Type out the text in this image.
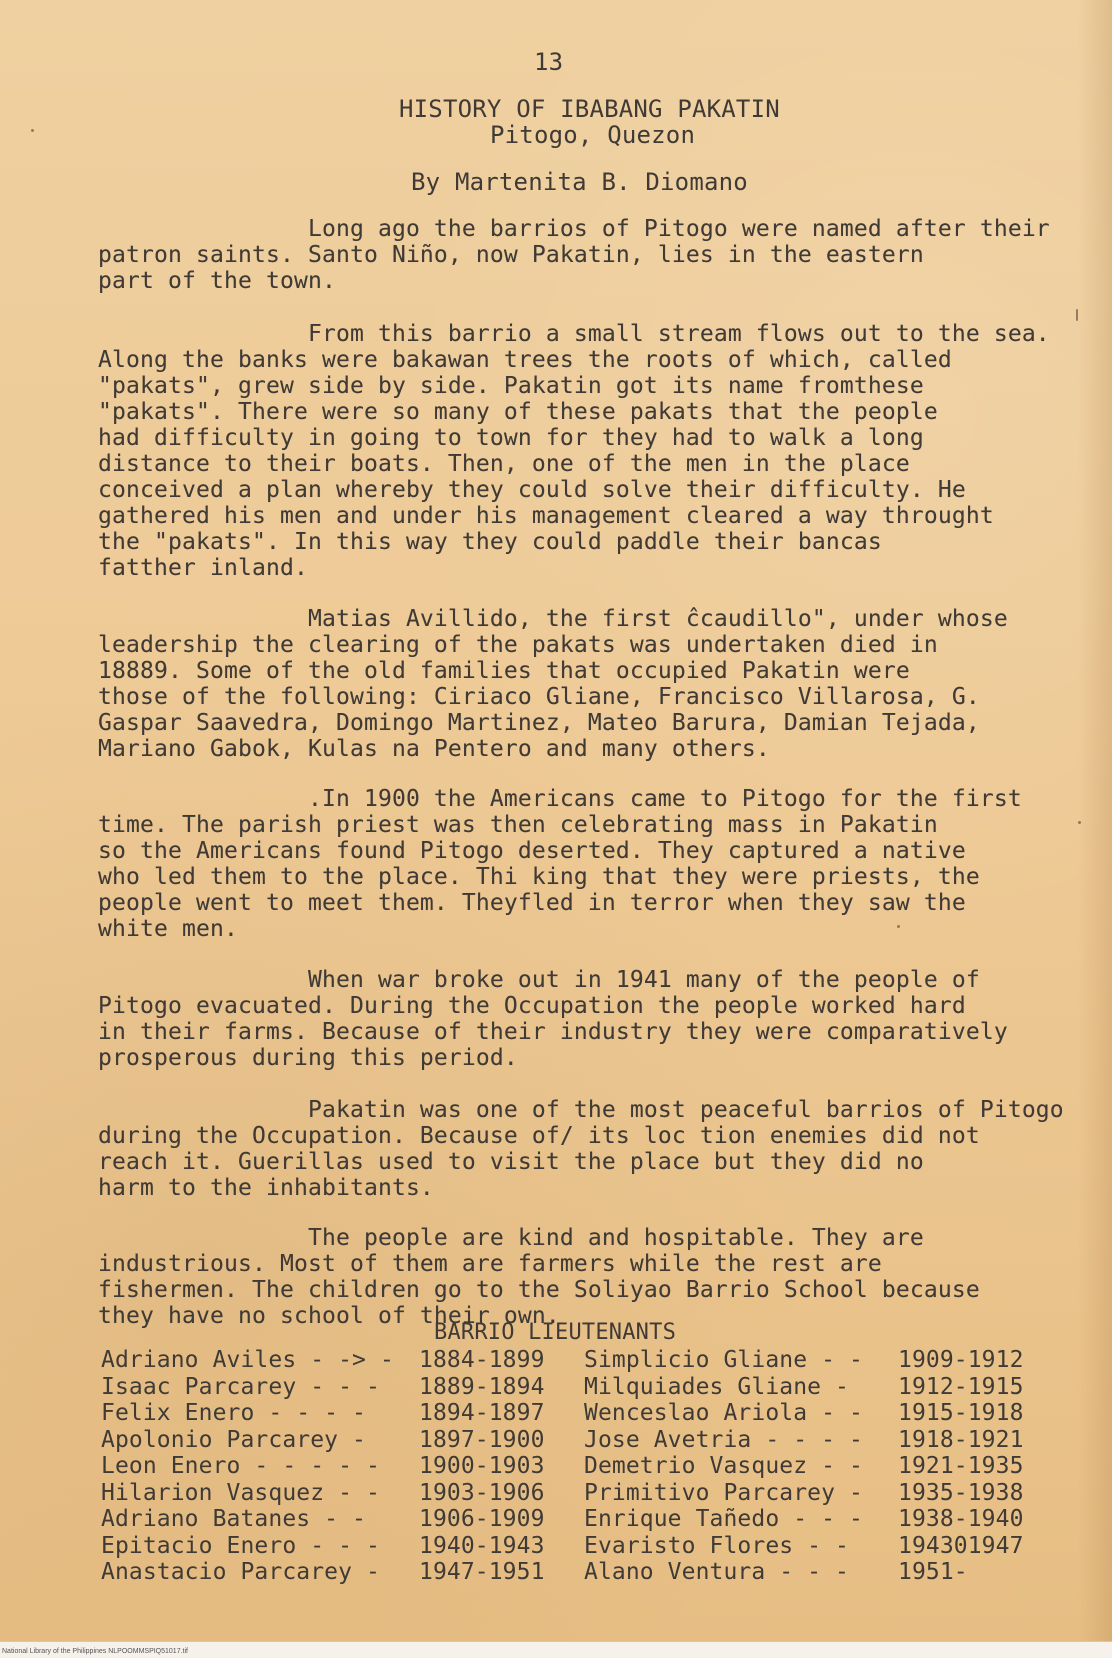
13
HISTORY OF IBABANG PAKATIN
Pitogo, Quezon
By Martenita B. Diomano
Long ago the barrios of Pitogo were named after their
patron saints. Santo Niño, now Pakatin, lies in the eastern
part of the town.
From this barrio a small stream flows out to the sea.
Along the banks were bakawan trees the roots of which, called
"pakats", grew side by side. Pakatin got its name fromthese
"pakats". There were so many of these pakats that the people
had difficulty in going to town for they had to walk a long
distance to their boats. Then, one of the men in the place
conceived a plan whereby they could solve their difficulty. He
gathered his men and under his management cleared a way throught
the "pakats". In this way they could paddle their bancas
fatther inland.
Matias Avillido, the first ĉcaudillo", under whose
leadership the clearing of the pakats was undertaken died in
18889. Some of the old families that occupied Pakatin were
those of the following: Ciriaco Gliane, Francisco Villarosa, G.
Gaspar Saavedra, Domingo Martinez, Mateo Barura, Damian Tejada,
Mariano Gabok, Kulas na Pentero and many others.
.In 1900 the Americans came to Pitogo for the first
time. The parish priest was then celebrating mass in Pakatin
so the Americans found Pitogo deserted. They captured a native
who led them to the place. Thi king that they were priests, the
people went to meet them. Theyfled in terror when they saw the
white men.
When war broke out in 1941 many of the people of
Pitogo evacuated. During the Occupation the people worked hard
in their farms. Because of their industry they were comparatively
prosperous during this period.
Pakatin was one of the most peaceful barrios of Pitogo
during the Occupation. Because of/ its loc tion enemies did not
reach it. Guerillas used to visit the place but they did no
harm to the inhabitants.
The people are kind and hospitable. They are
industrious. Most of them are farmers while the rest are
fishermen. The children go to the Soliyao Barrio School because
they have no school of their own.
BARRIO LIEUTENANTS
Adriano Aviles - -> - 1884-1899
Isaac Parcarey - - - 1889-1894
Felix Enero - - - - 1894-1897
Apolonio Parcarey - 1897-1900
Leon Enero - - - - - 1900-1903
Hilarion Vasquez - - 1903-1906
Adriano Batanes - - 1906-1909
Epitacio Enero - - - 1940-1943
Anastacio Parcarey - 1947-1951
Simplicio Gliane - - 1909-1912
Milquiades Gliane - 1912-1915
Wenceslao Ariola - - 1915-1918
Jose Avetria - - - - 1918-1921
Demetrio Vasquez - - 1921-1935
Primitivo Parcarey - 1935-1938
Enrique Tañedo - - - 1938-1940
Evaristo Flores - - 194301947
Alano Ventura - - - 1951-
National Library of the Philippines NLPOOMMSPIQ51017.tif
